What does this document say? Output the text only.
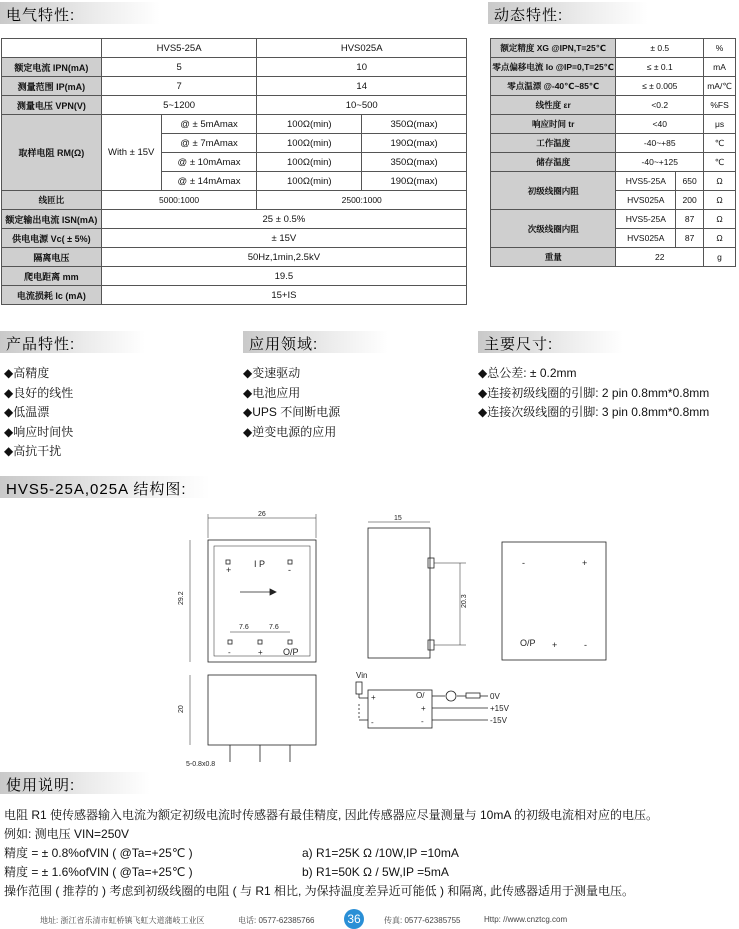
电气特性:	动态特性:
	HVS5-25A		HVS025A	
额定电流 IPN(mA)	5		10	
测量范围 IP(mA)	7		14	
测量电压 VPN(V)	5~1200		10~500	
取样电阻 RM(Ω)	With ± 15V	@ ± 5mAmax	100Ω(min)	350Ω(max)
		@ ± 7mAmax	100Ω(min)	190Ω(max)
		@ ± 10mAmax	100Ω(min)	350Ω(max)
		@ ± 14mAmax	100Ω(min)	190Ω(max)
线匝比	5000:1000		2500:1000	
额定输出电流 ISN(mA)	25 ± 0.5%			
供电电源 Vc( ± 5%)	± 15V			
隔离电压	50Hz,1min,2.5kV			
爬电距离 mm	19.5			
电流损耗 Ic (mA)	15+IS			
额定精度 XG @IPN,T=25℃	± 0.5		%
零点偏移电流 Io @IP=0,T=25℃	≤ ± 0.1		mA
零点温漂 @-40℃~85℃	≤ ± 0.005		mA/℃
线性度 εr	<0.2		%FS
响应时间 tr	<40		μs
工作温度	-40~+85		℃
储存温度	-40~+125		℃
初级线圈内阻	HVS5-25A	650	Ω
	HVS025A	200	Ω
次级线圈内阻	HVS5-25A	87	Ω
	HVS025A	87	Ω
重量	22		g
产品特性:	应用领域:	主要尺寸:
◆高精度
◆良好的线性
◆低温漂
◆响应时间快
◆高抗干扰
◆变速驱动
◆电池应用
◆UPS 不间断电源
◆逆变电源的应用
◆总公差: ± 0.2mm
◆连接初级线圈的引脚: 2 pin 0.8mm*0.8mm
◆连接次级线圈的引脚: 3 pin 0.8mm*0.8mm
HVS5-25A,025A 结构图:
26
29.2
+	-
I P
7.6	7.6
-	+ O/P
20
5-0.8x0.8
15
20.3
-	+
O/P +	-
Vin
+
-
O/
+
-
0V
+15V
-15V
使用说明:
电阻 R1 使传感器输入电流为额定初级电流时传感器有最佳精度, 因此传感器应尽量测量与 10mA 的初级电流相对应的电压。
例如: 测电压 VIN=250V
精度 = ± 0.8%ofVIN ( @Ta=+25℃ )	a) R1=25K Ω /10W,IP =10mA
精度 = ± 1.6%ofVIN ( @Ta=+25℃ )	b) R1=50K Ω / 5W,IP =5mA
操作范围 ( 推荐的 ) 考虑到初级线圈的电阻 ( 与 R1 相比, 为保持温度差异近可能低 ) 和隔离, 此传感器适用于测量电压。
地址: 浙江省乐清市虹桥镇飞虹大道蒲岐工业区	电话: 0577-62385766	36	传真: 0577-62385755	Http: //www.cnztcg.com
